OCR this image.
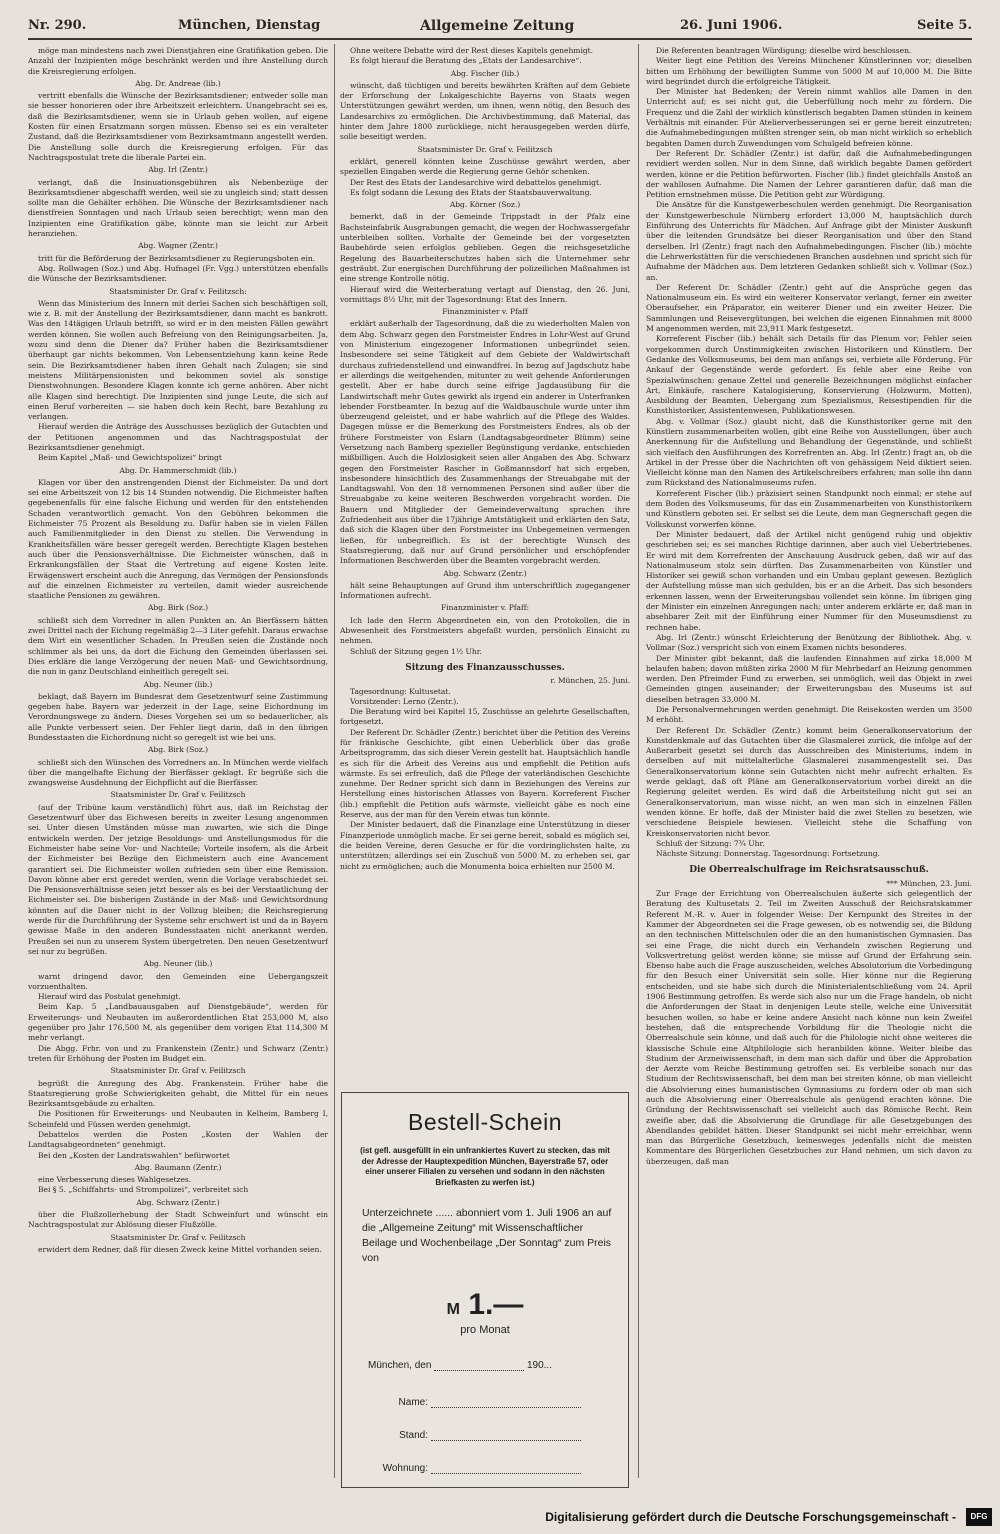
Nr. 290.	München, Dienstag	Allgemeine Zeitung	26. Juni 1906.	Seite 5.

möge man mindestens nach zwei Dienstjahren eine Gratifikation geben. Die Anzahl der Inzipienten möge beschränkt werden und ihre Anstellung durch die Kreisregierung erfolgen.

Abg. Dr. Andreae (lib.)

vertritt ebenfalls die Wünsche der Bezirksamtsdiener; entweder solle man sie besser honorieren oder ihre Arbeitszeit erleichtern. Unangebracht sei es, daß die Bezirksamtsdiener, wenn sie in Urlaub gehen wollen, auf eigene Kosten für einen Ersatzmann sorgen müssen. Ebenso sei es ein veralteter Zustand, daß die Bezirksamtsdiener vom Bezirksamtmann angestellt werden. Die Anstellung solle durch die Kreisregierung erfolgen. Für das Nachtragspostulat trete die liberale Partei ein.

Abg. Irl (Zentr.)

verlangt, daß die Insinuationsgebühren als Nebenbezüge der Bezirksamtsdiener abgeschafft werden, weil sie zu ungleich sind; statt dessen sollte man die Gehälter erhöhen. Die Wünsche der Bezirksamtsdiener nach dienstfreien Sonntagen und nach Urlaub seien berechtigt; wenn man den Inzipienten eine Gratifikation gäbe, könnte man sie leicht zur Arbeit heranziehen.

Abg. Wagner (Zentr.)

tritt für die Beförderung der Bezirksamtsdiener zu Regierungsboten ein.

Abg. Rollwagen (Soz.) und Abg. Hufnagel (Fr. Vgg.) unterstützen ebenfalls die Wünsche der Bezirksamtsdiener.

Staatsminister Dr. Graf v. Feilitzsch:

Wenn das Ministerium des Innern mit derlei Sachen sich beschäftigen soll, wie z. B. mit der Anstellung der Bezirksamtsdiener, dann macht es bankrott. Was den 14tägigen Urlaub betrifft, so wird er in den meisten Fällen gewährt werden können. Sie wollen auch Befreiung von den Reinigungsarbeiten. Ja, wozu sind denn die Diener da? Früher haben die Bezirksamtsdiener überhaupt gar nichts bekommen. Von Lebensentziehung kann keine Rede sein. Die Bezirksamtsdiener haben ihren Gehalt nach Zulagen; sie sind meistens Militärpensionisten und bekommen soviel als sonstige Dienstwohnungen. Besondere Klagen konnte ich gerne anhören. Aber nicht alle Klagen sind berechtigt. Die Inzipienten sind junge Leute, die sich auf einen Beruf vorbereiten — sie haben doch kein Recht, bare Bezahlung zu verlangen.

Hierauf werden die Anträge des Ausschusses bezüglich der Gutachten und der Petitionen angenommen und das Nachtragspostulat der Bezirksamtsdiener genehmigt.

Beim Kapitel „Maß- und Gewichtspolizei“ bringt

Abg. Dr. Hammerschmidt (lib.)

Klagen vor über den anstrengenden Dienst der Eichmeister. Da und dort sei eine Arbeitszeit von 12 bis 14 Stunden notwendig. Die Eichmeister haften gegebenenfalls für eine falsche Eichung und werden für den entstehenden Schaden verantwortlich gemacht. Von den Gebühren bekommen die Eichmeister 75 Prozent als Besoldung zu. Dafür haben sie in vielen Fällen auch Familienmitglieder in den Dienst zu stellen. Die Verwendung in Krankheitsfällen wäre besser geregelt werden. Berechtigte Klagen bestehen auch über die Pensionsverhältnisse. Die Eichmeister wünschen, daß in Erkrankungsfällen der Staat die Vertretung auf eigene Kosten leite. Erwägenswert erscheint auch die Anregung, das Vermögen der Pensionsfonds auf die einzelnen Eichmeister zu verteilen, damit wieder ausreichende staatliche Pensionen zu gewähren.

Abg. Birk (Soz.)

schließt sich dem Vorredner in allen Punkten an. An Bierfässern hätten zwei Drittel nach der Eichung regelmäßig 2—3 Liter gefehlt. Daraus erwachse dem Wirt ein wesentlicher Schaden. In Preußen seien die Zustände noch schlimmer als bei uns, da dort die Eichung den Gemeinden überlassen sei. Dies erkläre die lange Verzögerung der neuen Maß- und Gewichtsordnung, die nun in ganz Deutschland einheitlich geregelt sei.

Abg. Neuner (lib.)

beklagt, daß Bayern im Bundesrat dem Gesetzentwurf seine Zustimmung gegeben habe. Bayern war jederzeit in der Lage, seine Eichordnung im Verordnungswege zu ändern. Dieses Vorgehen sei um so bedauerlicher, als alle Punkte verbessert seien. Der Fehler liegt darin, daß in den übrigen Bundesstaaten die Eichordnung nicht so geregelt ist wie bei uns.

Abg. Birk (Soz.)

schließt sich den Wünschen des Vorredners an. In München werde vielfach über die mangelhafte Eichung der Bierfässer geklagt. Er begrüße sich die zwangsweise Ausdehnung der Eichpflicht auf die Bierfässer.

Staatsminister Dr. Graf v. Feilitzsch

(auf der Tribüne kaum verständlich) führt aus, daß im Reichstag der Gesetzentwurf über das Eichwesen bereits in zweiter Lesung angenommen sei. Unter diesen Umständen müsse man zuwarten, wie sich die Dinge entwickeln werden. Der jetzige Besoldungs- und Anstellungsmodus für die Eichmeister habe seine Vor- und Nachteile; Vorteile insofern, als die Arbeit der Eichmeister bei Bezüge den Eichmeistern auch eine Avancement garantiert sei. Die Eichmeister wollen zufrieden sein über eine Remission. Davon könne aber erst geredet werden, wenn die Vorlage verabschiedet sei. Die Pensionsverhältnisse seien jetzt besser als es bei der Verstaatlichung der Eichmeister sei. Die bisherigen Zustände in der Maß- und Gewichtsordnung könnten auf die Dauer nicht in der Vollzug bleiben; die Reichsregierung werde für die Durchführung der Systeme sehr erschwert ist und da in Bayern gewisse Maße in den anderen Bundesstaaten nicht anerkannt werden. Preußen sei nun zu unserem System übergetreten. Den neuen Gesetzentwurf sei nur zu begrüßen.

Abg. Neuner (lib.)

warnt dringend davor, den Gemeinden eine Uebergangszeit vorzuenthalten.

Hierauf wird das Postulat genehmigt.

Beim Kap. 5 „Landbauausgaben auf Dienstgebäude“, werden für Erweiterungs- und Neubauten im außerordentlichen Etat 253,000 M, also gegenüber pro Jahr 176,500 M, als gegenüber dem vorigen Etat 114,300 M mehr verlangt.

Die Abgg. Frhr. von und zu Frankenstein (Zentr.) und Schwarz (Zentr.) treten für Erhöhung der Posten im Budget ein.

Staatsminister Dr. Graf v. Feilitzsch

begrüßt die Anregung des Abg. Frankenstein. Früher habe die Staatsregierung große Schwierigkeiten gehabt, die Mittel für ein neues Bezirksamtsgebäude zu erhalten.

Die Positionen für Erweiterungs- und Neubauten in Kelheim, Bamberg I, Scheinfeld und Füssen werden genehmigt.

Debattelos werden die Posten „Kosten der Wahlen der Landtagsabgeordneten“ genehmigt.

Bei den „Kosten der Landratswahlen“ befürwortet

Abg. Baumann (Zentr.)

eine Verbesserung dieses Wahlgesetzes.

Bei § 5. „Schiffahrts- und Strompolizei“, verbreitet sich

Abg. Schwarz (Zentr.)

über die Flußzollerhebung der Stadt Schweinfurt und wünscht ein Nachtragspostulat zur Ablösung dieser Flußzölle.

Staatsminister Dr. Graf v. Feilitzsch

erwidert dem Redner, daß für diesen Zweck keine Mittel vorhanden seien.

Ohne weitere Debatte wird der Rest dieses Kapitels genehmigt.

Es folgt hierauf die Beratung des „Etats der Landesarchive“.

Abg. Fischer (lib.)

wünscht, daß tüchtigen und bereits bewährten Kräften auf dem Gebiete der Erforschung der Lokalgeschichte Bayerns von Staats wegen Unterstützungen gewährt werden, um ihnen, wenn nötig, den Besuch des Landesarchivs zu ermöglichen. Die Archivbestimmung, daß Material, das hinter dem Jahre 1800 zurückliege, nicht herausgegeben werden dürfe, solle beseitigt werden.

Staatsminister Dr. Graf v. Feilitzsch

erklärt, generell könnten keine Zuschüsse gewährt werden, aber speziellen Eingaben werde die Regierung gerne Gehör schenken.

Der Rest des Etats der Landesarchive wird debattelos genehmigt.

Es folgt sodann die Lesung des Etats der Staatsbauverwaltung.

Abg. Körner (Soz.)

bemerkt, daß in der Gemeinde Trippstadt in der Pfalz eine Bachsteinfabrik Ausgrabungen gemacht, die wegen der Hochwassergefahr unterbleiben sollten. Vorhalte der Gemeinde bei der vorgesetzten Baubehörde seien erfolglos geblieben. Gegen die reichsgesetzliche Regelung des Bauarbeiterschutzes haben sich die Unternehmer sehr gesträubt. Zur energischen Durchführung der polizeilichen Maßnahmen ist eine strenge Kontrolle nötig.

Hierauf wird die Weiterberatung vertagt auf Dienstag, den 26. Juni, vormittags 8½ Uhr, mit der Tagesordnung: Etat des Innern.

Finanzminister v. Pfaff

erklärt außerhalb der Tagesordnung, daß die zu wiederholten Malen von dem Abg. Schwarz gegen den Forstmeister Endres in Lohr-West auf Grund von Ministerium eingezogener Informationen unbegründet seien. Insbesondere sei seine Tätigkeit auf dem Gebiete der Waldwirtschaft durchaus zufriedenstellend und einwandfrei. In bezug auf Jagdschutz habe er allerdings die weitgehenden, mitunter zu weit gehende Anforderungen gestellt. Aber er habe durch seine eifrige Jagdausübung für die Landwirtschaft mehr Gutes gewirkt als irgend ein anderer in Unterfranken lebender Forstbeamter. In bezug auf die Waldbauschule wurde unter ihm überzeugend geleistet, und er habe wahrlich auf die Pflege des Waldes. Dagegen müsse er die Bemerkung des Forstmeisters Endres, als ob der frühere Forstmeister von Eslarn (Landtagsabgeordneter Blümm) seine Versetzung nach Bamberg spezieller Begünstigung verdanke, entschieden mißbilligen. Auch die Holzlosigkeit seien aller Angaben des Abg. Schwarz gegen den Forstmeister Rascher in Goßmannsdorf hat sich ergeben, insbesondere hinsichtlich des Zusammenhangs der Streuabgabe mit der Landtagswahl. Von den 18 vernommenen Personen sind außer über die Streuabgabe zu keine weiteren Beschwerden vorgebracht worden. Die Bauern und Mitglieder der Gemeindeverwaltung sprachen ihre Zufriedenheit aus über die 17jährige Amtstätigkeit und erklärten den Satz, daß sich die Klagen über den Forstmeister ins Unbegemeinen vermengen ließen, für unbegreiflich. Es ist der berechtigte Wunsch des Staatsregierung, daß nur auf Grund persönlicher und erschöpfender Informationen Beschwerden über die Beamten vorgebracht werden.

Abg. Schwarz (Zentr.)

hält seine Behauptungen auf Grund ihm unterschriftlich zugegangener Informationen aufrecht.

Finanzminister v. Pfaff:

Ich lade den Herrn Abgeordneten ein, von den Protokollen, die in Abwesenheit des Forstmeisters abgefaßt wurden, persönlich Einsicht zu nehmen.

Schluß der Sitzung gegen 1½ Uhr.

Sitzung des Finanzausschusses.

r. München, 25. Juni.

Tagesordnung: Kultusetat.

Vorsitzender: Lerno (Zentr.).

Die Beratung wird bei Kapitel 15, Zuschüsse an gelehrte Gesellschaften, fortgesetzt.

Der Referent Dr. Schädler (Zentr.) berichtet über die Petition des Vereins für fränkische Geschichte, gibt einen Ueberblick über das große Arbeitsprogramm, das sich dieser Verein gestellt hat. Hauptsächlich handle es sich für die Arbeit des Vereins aus und empfiehlt die Petition aufs wärmste. Es sei erfreulich, daß die Pflege der vaterländischen Geschichte zunehme. Der Redner spricht sich dann in Beziehungen des Vereins zur Herstellung eines historischen Atlasses von Bayern. Korreferent Fischer (lib.) empfiehlt die Petition aufs wärmste, vielleicht gäbe es noch eine Reserve, aus der man für den Verein etwas tun könnte.

Der Minister bedauert, daß die Finanzlage eine Unterstützung in dieser Finanzperiode unmöglich mache. Er sei gerne bereit, sobald es möglich sei, die beiden Vereine, deren Gesuche er für die vordringlichsten halte, zu unterstützen; allerdings sei ein Zuschuß von 5000 M. zu erheben sei, gar nicht zu ermöglichen; auch die Monumenta boica erhielten nur 2500 M.

Die Referenten beantragen Würdigung; dieselbe wird beschlossen.

Weiter liegt eine Petition des Vereins Münchener Künstlerinnen vor; dieselben bitten um Erhöhung der bewilligten Summe von 5000 M auf 10,000 M. Die Bitte wird begründet durch die erfolgreiche Tätigkeit.

Der Minister hat Bedenken; der Verein nimmt wahllos alle Damen in den Unterricht auf; es sei nicht gut, die Ueberfüllung noch mehr zu fördern. Die Frequenz und die Zahl der wirklich künstlerisch begabten Damen stünden in keinem Verhältnis mit einander. Für Atelierverbesserungen sei er gerne bereit einzutreten; die Aufnahmebedingungen müßten strenger sein, ob man nicht wirklich so erheblich begabten Damen durch Zuwendungen vom Schulgeld befreien könne.

Der Referent Dr. Schädler (Zentr.) ist dafür, daß die Aufnahmebedingungen revidiert werden sollen. Nur in dem Sinne, daß wirklich begabte Damen gefördert werden, könne er die Petition befürworten. Fischer (lib.) findet gleichfalls Anstoß an der wahllosen Aufnahme. Die Namen der Lehrer garantieren dafür, daß man die Petition ernstnehmen müsse. Die Petition geht zur Würdigung.

Die Ansätze für die Kunstgewerbeschulen werden genehmigt. Die Reorganisation der Kunstgewerbeschule Nürnberg erfordert 13,000 M, hauptsächlich durch Einführung des Unterrichts für Mädchen. Auf Anfrage gibt der Minister Auskunft über die leitenden Grundsätze bei dieser Reorganisation und über den Stand derselben. Irl (Zentr.) fragt nach den Aufnahmebedingungen. Fischer (lib.) möchte die Lehrwerkstätten für die verschiedenen Branchen ausdehnen und spricht sich für Aufnahme der Mädchen aus. Dem letzteren Gedanken schließt sich v. Vollmar (Soz.) an.

Der Referent Dr. Schädler (Zentr.) geht auf die Ansprüche gegen das Nationalmuseum ein. Es wird ein weiterer Konservator verlangt, ferner ein zweiter Oberaufseher, ein Präparator, ein weiterer Diener und ein zweiter Heizer. Die Sammlungen und Reisevergütungen, bei welchen die eigenen Einnahmen mit 8000 M angenommen werden, mit 23,911 Mark festgesetzt.

Korreferent Fischer (lib.) behält sich Details für das Plenum vor; Fehler seien vorgekommen durch Unstimmigkeiten zwischen Historikern und Künstlern. Der Gedanke des Volksmuseums, bei dem man anfangs sei, verbiete alle Förderung. Für Ankauf der Gegenstände werde gefordert. Es fehle aber eine Reihe von Spezialwünschen: genaue Zettel und generelle Bezeichnungen möglichst einfacher Art, Einkäufe, raschere Katalogisierung, Konservierung (Holzwurm, Motten), Ausbildung der Beamten, Uebergang zum Spezialismus, Reisestipendien für die Kunsthistoriker, Assistentenwesen, Publikationswesen.

Abg. v. Vollmar (Soz.) glaubt nicht, daß die Kunsthistoriker gerne mit den Künstlern zusammenarbeiten wollen, gibt eine Reihe von Ausstellungen, über auch Anerkennung für die Aufstellung und Behandlung der Gegenstände, und schließt sich vielfach den Ausführungen des Korrefrenten an. Abg. Irl (Zentr.) fragt an, ob die Artikel in der Presse über die Nachrichten oft von gehässigem Neid diktiert seien. Vielleicht könne man den Namen des Artikelschreibers erfahren; man solle ihn dann zum Rückstand des Nationalmuseums rufen.

Korreferent Fischer (lib.) präzisiert seinen Standpunkt noch einmal; er stehe auf dem Boden des Volksmuseums, für das ein Zusammenarbeiten von Kunsthistorikern und Künstlern geboten sei. Er selbst sei die Leute, dem man Gegnerschaft gegen die Volkskunst vorwerfen könne.

Der Minister bedauert, daß der Artikel nicht genügend ruhig und objektiv geschrieben sei; es sei manches Richtige darinnen, aber auch viel Uebertriebenes. Er wird mit dem Korrefrenten der Anschauung Ausdruck geben, daß wir auf das Nationalmuseum stolz sein dürften. Das Zusammenarbeiten von Künstler und Historiker sei gewiß schon vorhanden und ein Umbau geplant gewesen. Bezüglich der Aufstellung müsse man sich gedulden, bis er an die Arbeit. Das sich besonders erkennen lassen, wenn der Erweiterungsbau vollendet sein könne. Im übrigen ging der Minister ein einzelnen Anregungen nach; unter anderem erklärte er, daß man in absehbarer Zeit mit der Einführung einer Nummer für den Museumsdienst zu rechnen habe.

Abg. Irl (Zentr.) wünscht Erleichterung der Benützung der Bibliothek. Abg. v. Vollmar (Soz.) verspricht sich von einem Examen nichts besonderes.

Der Minister gibt bekannt, daß die laufenden Einnahmen auf zirka 18,000 M belaufen haben; davon müßten zirka 2000 M für Mehrbedarf an Heizung genommen werden. Den Pfreimder Fund zu erwerben, sei unmöglich, weil das Objekt in zwei Gemeinden gingen auseinander; der Erweiterungsbau des Museums ist auf dieselben betragen 33,000 M.

Die Personalvermehrungen werden genehmigt. Die Reisekosten werden um 3500 M erhöht.

Der Referent Dr. Schädler (Zentr.) kommt beim Generalkonservatorium der Kunstdenkmale auf das Gutachten über die Glasmalerei zurück, die infolge auf der Außerarbeit gesetzt sei durch das Ausschreiben des Ministeriums, indem in derselben auf mit mittelalterliche Glasmalerei zusammengestellt sei. Das Generalkonservatorium könne sein Gutachten nicht mehr aufrecht erhalten. Es werde geklagt, daß oft Pläne am Generalkonservatorium vorbei direkt an die Regierung geleitet werden. Es wird daß die Arbeitsteilung nicht gut sei an Generalkonservatorium, man wisse nicht, an wen man sich in einzelnen Fällen wenden könne. Er hoffe, daß der Minister bald die zwei Stellen zu besetzen, wie verschiedene Beispiele bewiesen. Vielleicht stehe die Schaffung von Kreiskonservatorien nicht bevor.

Schluß der Sitzung: 7¾ Uhr.

Nächste Sitzung: Donnerstag. Tagesordnung: Fortsetzung.

Die Oberrealschulfrage im Reichsratsausschuß.

*** München, 23. Juni.

Zur Frage der Errichtung von Oberrealschulen äußerte sich gelegentlich der Beratung des Kultusetats 2. Teil im Zweiten Ausschuß der Reichsratskammer Referent M.-R. v. Auer in folgender Weise: Der Kernpunkt des Streites in der Kammer der Abgeordneten sei die Frage gewesen, ob es notwendig sei, die Bildung an den technischen Mittelschulen oder die an den humanistischen Gymnasien. Das sei eine Frage, die nicht durch ein Verhandeln zwischen Regierung und Volksvertretung gelöst werden könne; sie müsse auf Grund der Erfahrung sein. Ebenso habe auch die Frage auszuscheiden, welches Absolutorium die Vorbedingung für den Besuch einer Universität sein solle. Hier könne nur die Regierung entscheiden, und sie habe sich durch die Ministerialentschließung vom 24. April 1906 Bestimmung getroffen. Es werde sich also nur um die Frage handeln, ob nicht die Anforderungen der Staat in denjenigen Leute stelle, welche eine Universität besuchen wollen, so habe er keine andere Ansicht nach könne nun kein Zweifel bestehen, daß die entsprechende Vorbildung für die Theologie nicht die Oberrealschule sein könne, und daß auch für die Philologie nicht ohne weiteres die klassische Schule eine Altphilologie sich heranbilden könne. Weiter bleibe das Studium der Arzneiwissenschaft, in dem man sich dafür und über die Approbation der Aerzte vom Reiche Bestimmung getroffen sei. Es verbleibe sonach nur das Studium der Rechtswissenschaft, bei dem man bei streiten könne, ob man vielleicht die Absolvierung eines humanistischen Gymnasiums zu fordern oder ob man sich auch die Absolvierung einer Oberrealschule als genügend erachten könne. Die Gründung der Rechtswissenschaft sei vielleicht auch das Römische Recht. Rein zweifle aber, daß die Absolvierung die Grundlage für alle Gesetzgebungen des Abendlandes gebildet hätten. Dieser Standpunkt sei nicht mehr erreichbar, wenn man das Bürgerliche Gesetzbuch, keinesweges jedenfalls nicht die meisten Kommentare des Bürgerlichen Gesetzbuches zur Hand nehmen, um sich davon zu überzeugen, daß man

Bestell-Schein
(ist gefl. ausgefüllt in ein unfrankiertes Kuvert zu stecken, das mit der Adresse der Hauptexpedition München, Bayerstraße 57, oder einer unserer Filialen zu versehen und sodann in den nächsten Briefkasten zu werfen ist.)
Unterzeichnete ...... abonniert vom 1. Juli 1906 an auf die „Allgemeine Zeitung“ mit Wissenschaftlicher Beilage und Wochenbeilage „Der Sonntag“ zum Preis von
M 1.—
pro Monat
München, den	190...
Name:
Stand:
Wohnung:
Digitalisierung gefördert durch die Deutsche Forschungsgemeinschaft -	DFG
